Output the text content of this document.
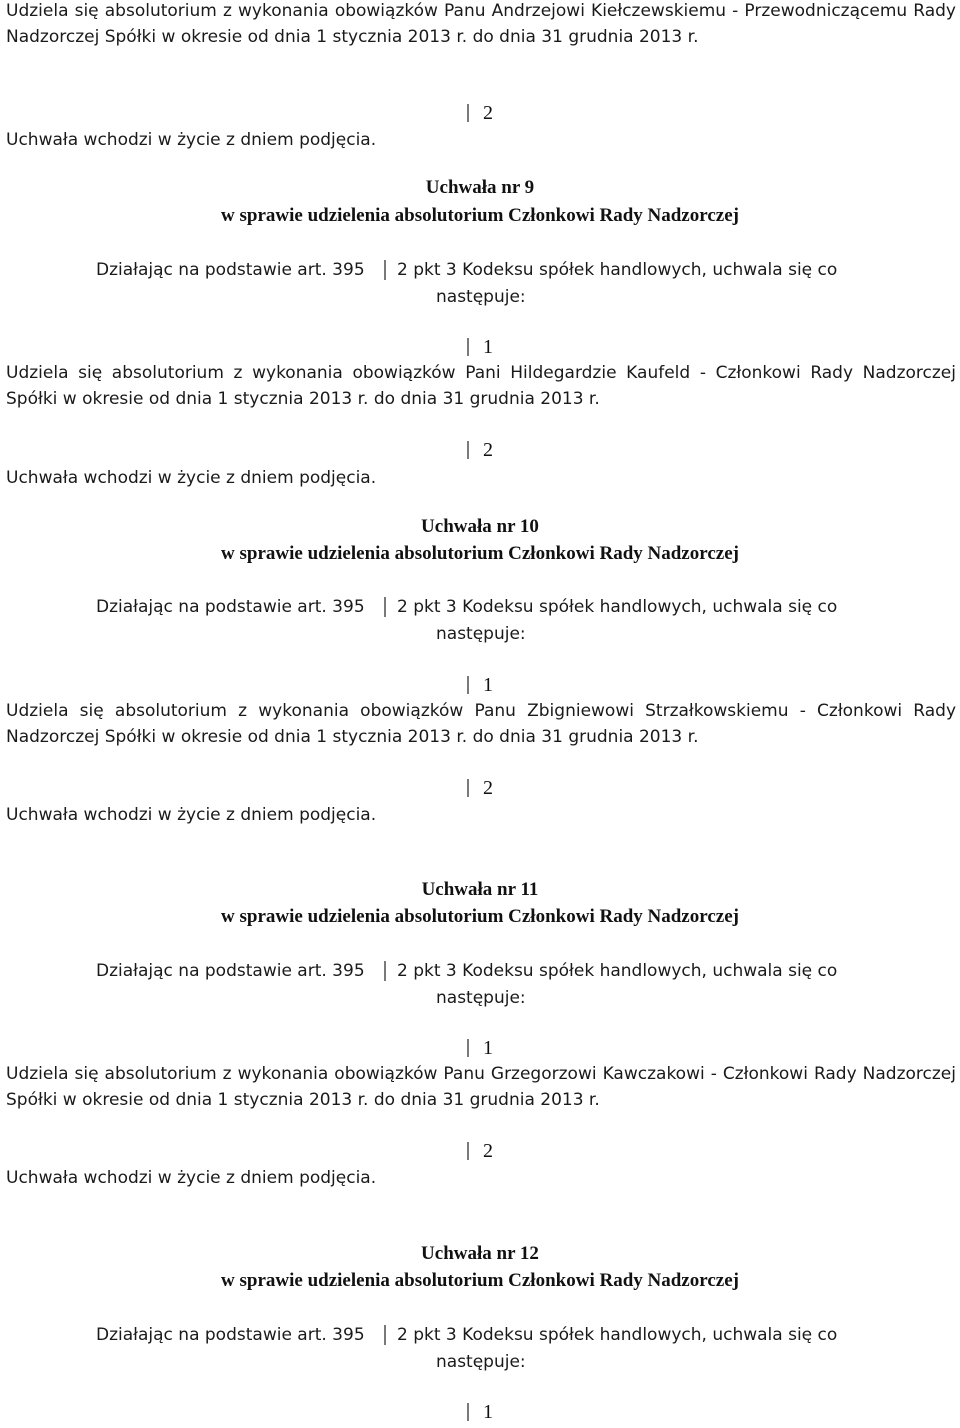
Udziela się absolutorium z wykonania obowiązków Panu Andrzejowi Kiełczewskiemu - Przewodniczącemu Rady Nadzorczej Spółki w okresie od dnia 1 stycznia 2013 r. do dnia 31 grudnia 2013 r.
2
Uchwała wchodzi w życie z dniem podjęcia.
Uchwała nr 9
w sprawie udzielenia absolutorium Członkowi Rady Nadzorczej
Działając na podstawie art. 395 2 pkt 3 Kodeksu spółek handlowych, uchwala się co
następuje:
1
Udziela się absolutorium z wykonania obowiązków Pani Hildegardzie Kaufeld - Członkowi Rady Nadzorczej Spółki w okresie od dnia 1 stycznia 2013 r. do dnia 31 grudnia 2013 r.
2
Uchwała wchodzi w życie z dniem podjęcia.
Uchwała nr 10
w sprawie udzielenia absolutorium Członkowi Rady Nadzorczej
Działając na podstawie art. 395 2 pkt 3 Kodeksu spółek handlowych, uchwala się co
następuje:
1
Udziela się absolutorium z wykonania obowiązków Panu Zbigniewowi Strzałkowskiemu - Członkowi Rady Nadzorczej Spółki w okresie od dnia 1 stycznia 2013 r. do dnia 31 grudnia 2013 r.
2
Uchwała wchodzi w życie z dniem podjęcia.
Uchwała nr 11
w sprawie udzielenia absolutorium Członkowi Rady Nadzorczej
Działając na podstawie art. 395 2 pkt 3 Kodeksu spółek handlowych, uchwala się co
następuje:
1
Udziela się absolutorium z wykonania obowiązków Panu Grzegorzowi Kawczakowi - Członkowi Rady Nadzorczej Spółki w okresie od dnia 1 stycznia 2013 r. do dnia 31 grudnia 2013 r.
2
Uchwała wchodzi w życie z dniem podjęcia.
Uchwała nr 12
w sprawie udzielenia absolutorium Członkowi Rady Nadzorczej
Działając na podstawie art. 395 2 pkt 3 Kodeksu spółek handlowych, uchwala się co
następuje:
1
